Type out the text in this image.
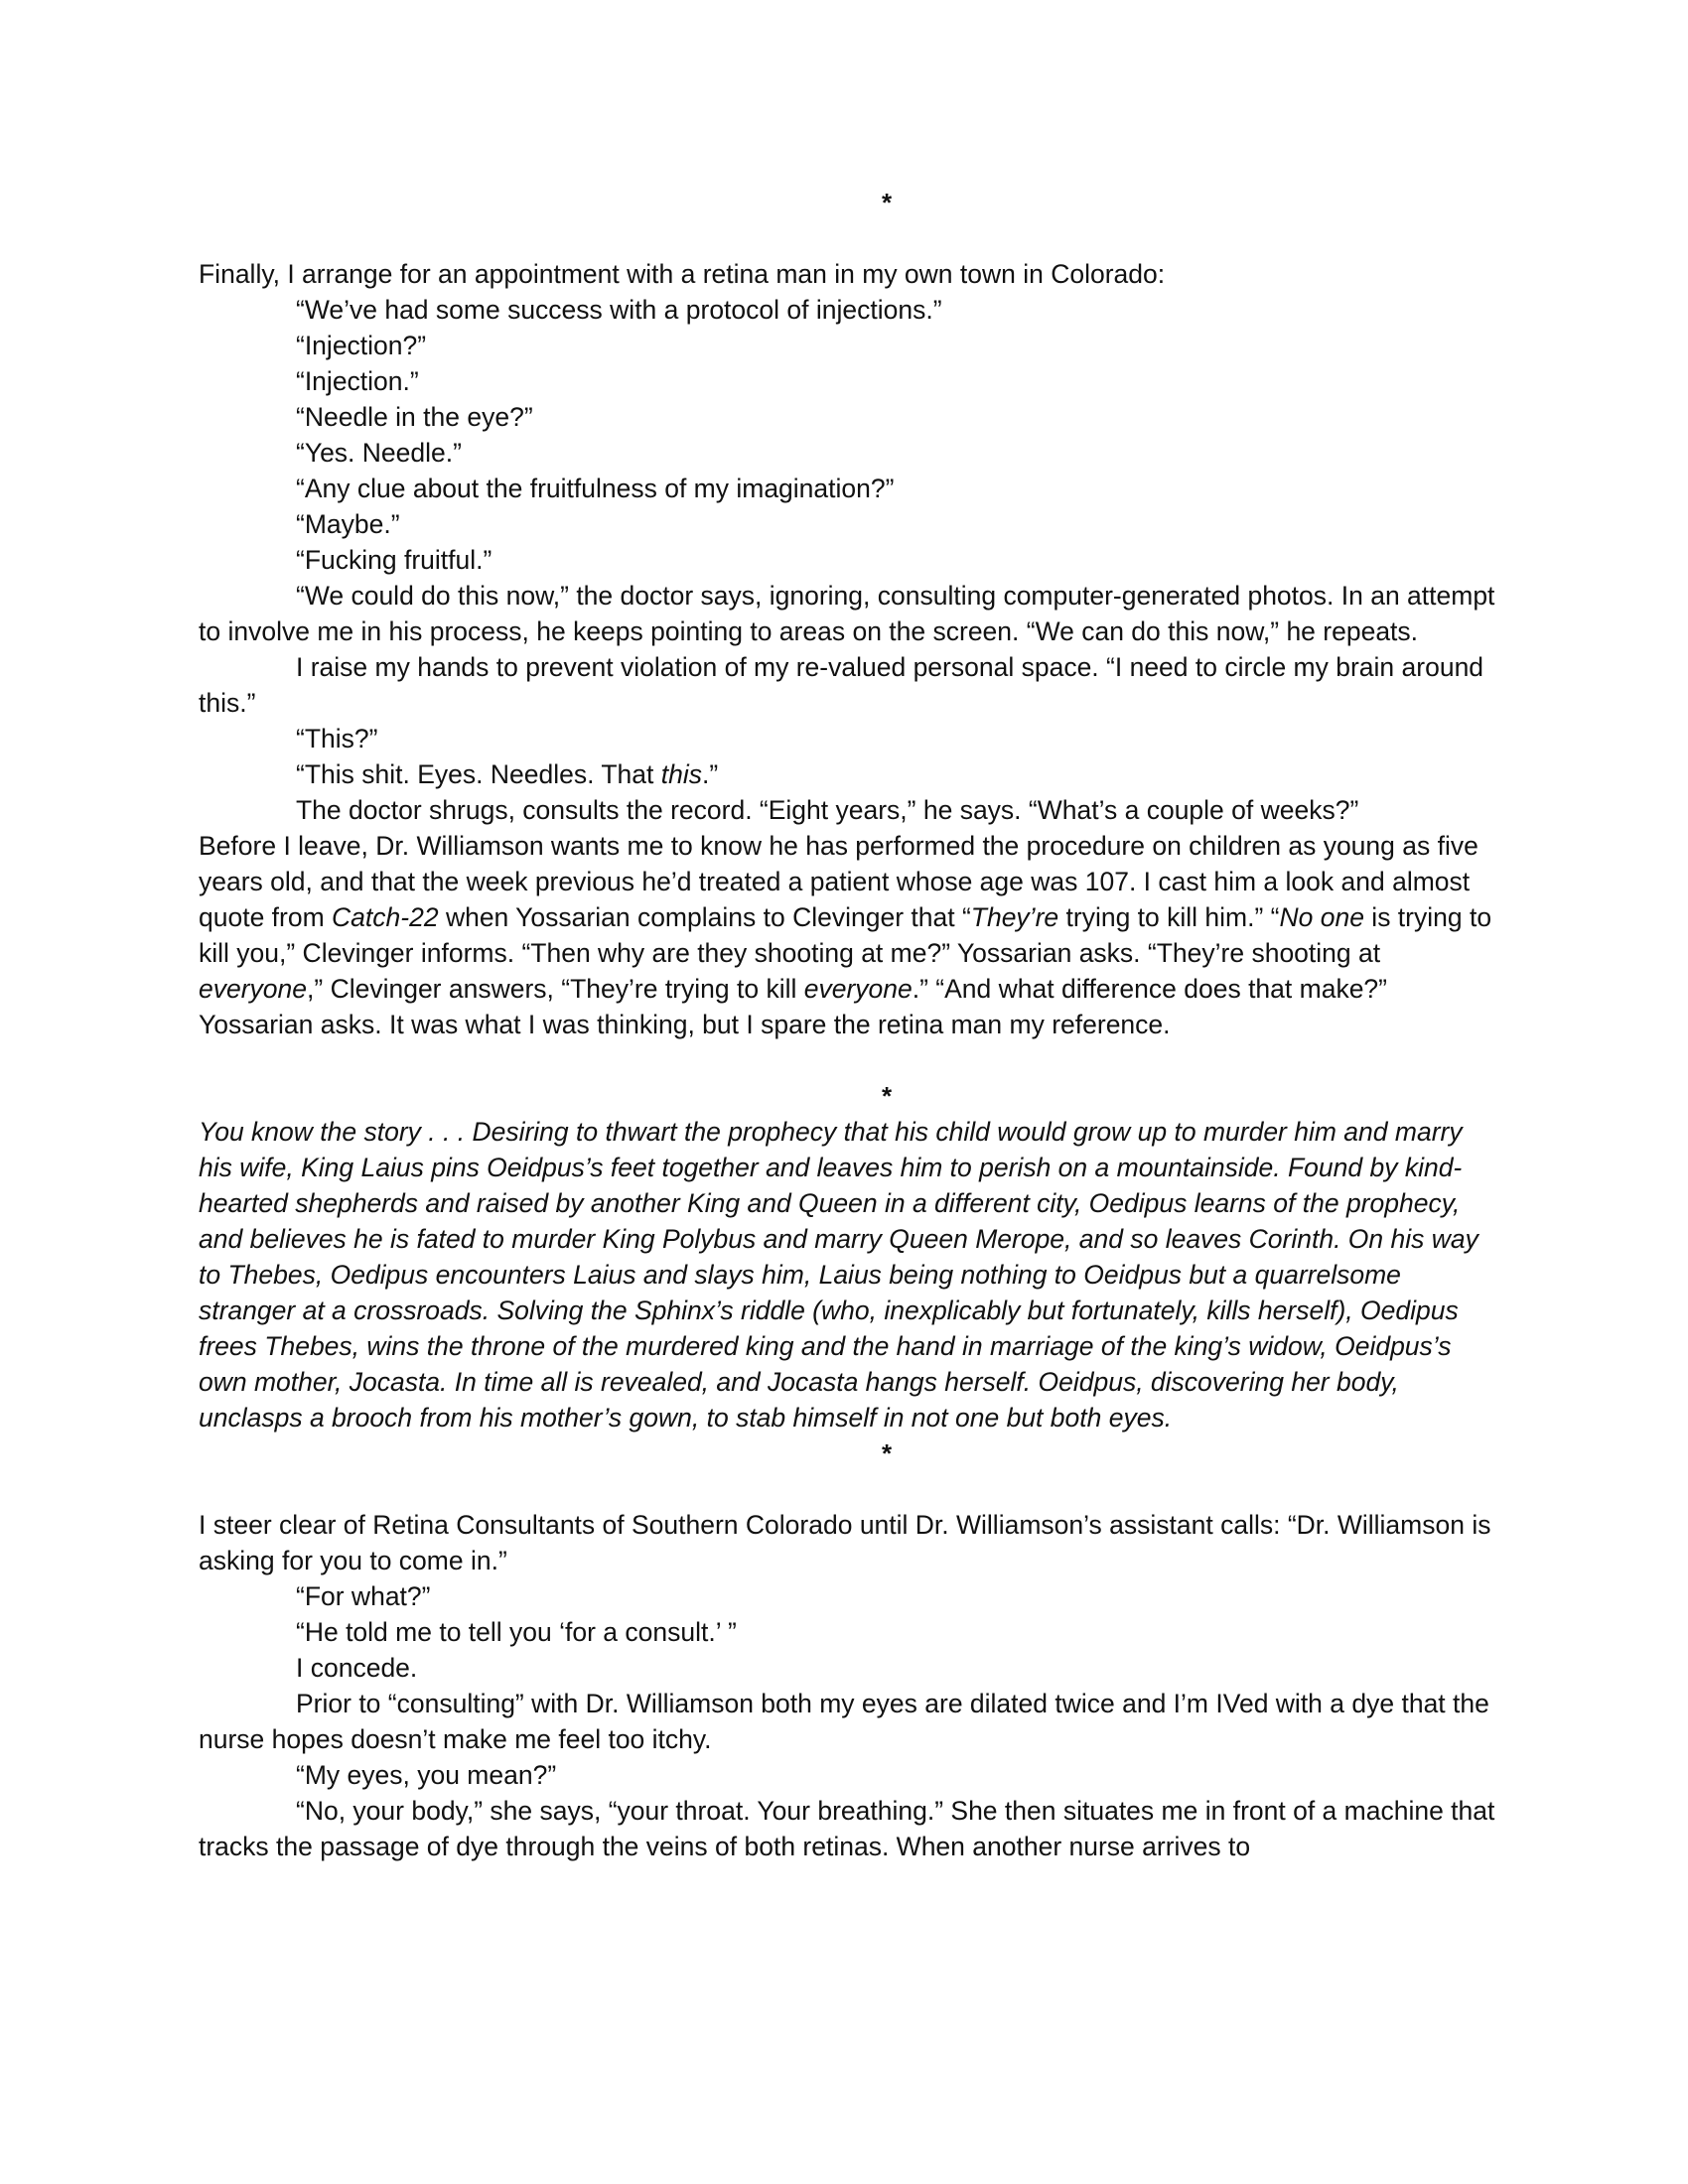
*

Finally, I arrange for an appointment with a retina man in my own town in Colorado:

“We’ve had some success with a protocol of injections.”

“Injection?”

“Injection.”

“Needle in the eye?”

“Yes. Needle.”

“Any clue about the fruitfulness of my imagination?”

“Maybe.”

“Fucking fruitful.”

“We could do this now,” the doctor says, ignoring, consulting computer-generated photos. In an attempt to involve me in his process, he keeps pointing to areas on the screen. “We can do this now,” he repeats.

I raise my hands to prevent violation of my re-valued personal space. “I need to circle my brain around this.”

“This?”

“This shit. Eyes. Needles. That this.”

The doctor shrugs, consults the record. “Eight years,” he says. “What’s a couple of weeks?”

Before I leave, Dr. Williamson wants me to know he has performed the procedure on children as young as five years old, and that the week previous he’d treated a patient whose age was 107. I cast him a look and almost quote from Catch-22 when Yossarian complains to Clevinger that “They’re trying to kill him.” “No one is trying to kill you,” Clevinger informs. “Then why are they shooting at me?” Yossarian asks. “They’re shooting at everyone,” Clevinger answers, “They’re trying to kill everyone.” “And what difference does that make?” Yossarian asks. It was what I was thinking, but I spare the retina man my reference.

*

You know the story . . . Desiring to thwart the prophecy that his child would grow up to murder him and marry his wife, King Laius pins Oeidpus’s feet together and leaves him to perish on a mountainside. Found by kind-hearted shepherds and raised by another King and Queen in a different city, Oedipus learns of the prophecy, and believes he is fated to murder King Polybus and marry Queen Merope, and so leaves Corinth. On his way to Thebes, Oedipus encounters Laius and slays him, Laius being nothing to Oeidpus but a quarrelsome stranger at a crossroads. Solving the Sphinx’s riddle (who, inexplicably but fortunately, kills herself), Oedipus frees Thebes, wins the throne of the murdered king and the hand in marriage of the king’s widow, Oeidpus’s own mother, Jocasta. In time all is revealed, and Jocasta hangs herself. Oeidpus, discovering her body, unclasps a brooch from his mother’s gown, to stab himself in not one but both eyes.

*

I steer clear of Retina Consultants of Southern Colorado until Dr. Williamson’s assistant calls: “Dr. Williamson is asking for you to come in.”

“For what?”

“He told me to tell you ‘for a consult.’ ”

I concede.

Prior to “consulting” with Dr. Williamson both my eyes are dilated twice and I’m IVed with a dye that the nurse hopes doesn’t make me feel too itchy.

“My eyes, you mean?”

“No, your body,” she says, “your throat. Your breathing.” She then situates me in front of a machine that tracks the passage of dye through the veins of both retinas. When another nurse arrives to
